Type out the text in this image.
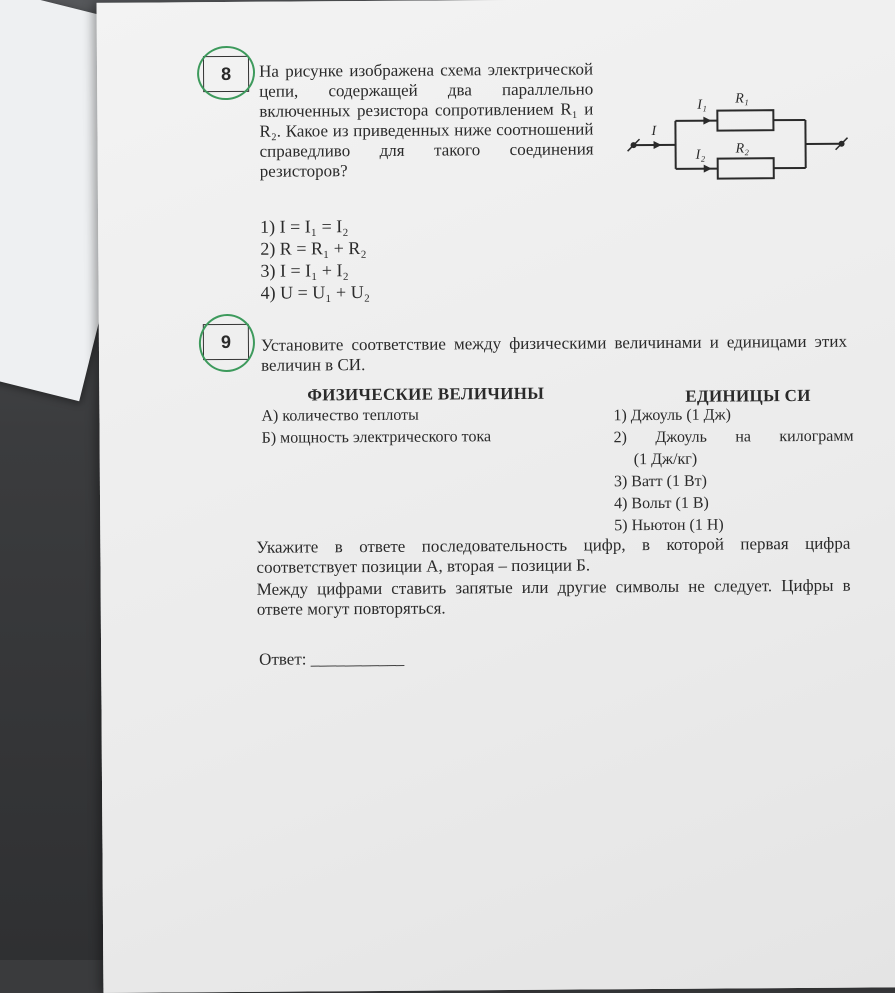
8	На рисунке изображена схема электрической цепи, содержащей два параллельно включенных резистора сопротивлением R₁ и R₂. Какое из приведенных ниже соотношений справедливо для такого соединения резисторов?
1) I = I₁ = I₂
2) R = R₁ + R₂
3) I = I₁ + I₂
4) U = U₁ + U₂
I
I₁
I₂
R₁
R₂
9	Установите соответствие между физическими величинами и единицами этих величин в СИ.
ФИЗИЧЕСКИЕ ВЕЛИЧИНЫ	ЕДИНИЦЫ СИ
А) количество теплоты
Б) мощность электрического тока
1) Джоуль (1 Дж)
2) Джоуль на килограмм
(1 Дж/кг)
3) Ватт (1 Вт)
4) Вольт (1 В)
5) Ньютон (1 Н)
Укажите в ответе последовательность цифр, в которой первая цифра соответствует позиции А, вторая – позиции Б.
Между цифрами ставить запятые или другие символы не следует. Цифры в ответе могут повторяться.
Ответ: ___________
